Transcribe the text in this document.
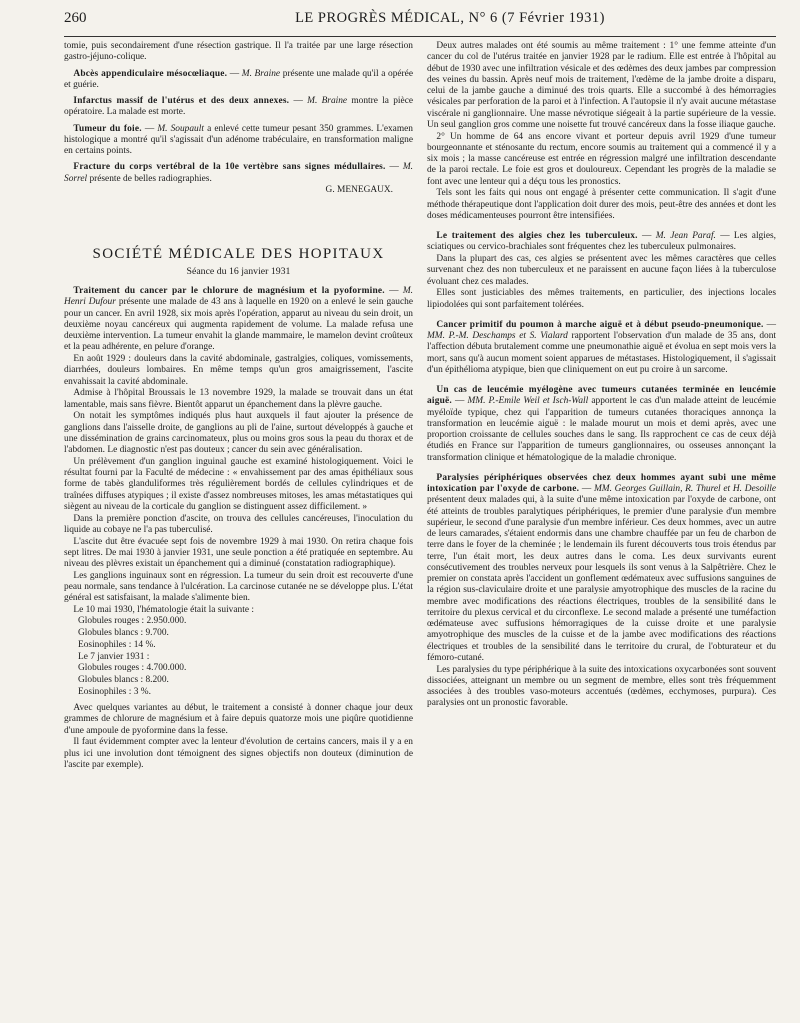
260	LE PROGRÈS MÉDICAL, N° 6 (7 Février 1931)

tomie, puis secondairement d'une résection gastrique. Il l'a traitée par une large résection gastro-jéjuno-colique.

Abcès appendiculaire mésocœliaque. — M. Braine présente une malade qu'il a opérée et guérie.

Infarctus massif de l'utérus et des deux annexes. — M. Braine montre la pièce opératoire. La malade est morte.

Tumeur du foie. — M. Soupault a enlevé cette tumeur pesant 350 grammes. L'examen histologique a montré qu'il s'agissait d'un adénome trabéculaire, en transformation maligne en certains points.

Fracture du corps vertébral de la 10e vertèbre sans signes médullaires. — M. Sorrel présente de belles radiographies.

G. MENEGAUX.

SOCIÉTÉ MÉDICALE DES HOPITAUX

Séance du 16 janvier 1931

Traitement du cancer par le chlorure de magnésium et la pyoformine. — M. Henri Dufour présente une malade de 43 ans à laquelle en 1920 on a enlevé le sein gauche pour un cancer. En avril 1928, six mois après l'opération, apparut au niveau du sein droit, un deuxième noyau cancéreux qui augmenta rapidement de volume. La malade refusa une deuxième intervention. La tumeur envahit la glande mammaire, le mamelon devint croûteux et la peau adhérente, en pelure d'orange.

En août 1929 : douleurs dans la cavité abdominale, gastralgies, coliques, vomissements, diarrhées, douleurs lombaires. En même temps qu'un gros amaigrissement, l'ascite envahissait la cavité abdominale.

Admise à l'hôpital Broussais le 13 novembre 1929, la malade se trouvait dans un état lamentable, mais sans fièvre. Bientôt apparut un épanchement dans la plèvre gauche.

On notait les symptômes indiqués plus haut auxquels il faut ajouter la présence de ganglions dans l'aisselle droite, de ganglions au pli de l'aine, surtout développés à gauche et une dissémination de grains carcinomateux, plus ou moins gros sous la peau du thorax et de l'abdomen. Le diagnostic n'est pas douteux ; cancer du sein avec généralisation.

Un prélèvement d'un ganglion inguinal gauche est examiné histologiquement. Voici le résultat fourni par la Faculté de médecine : « envahissement par des amas épithéliaux sous forme de tabès glanduliformes très régulièrement bordés de cellules cylindriques et de traînées diffuses atypiques ; il existe d'assez nombreuses mitoses, les amas métastatiques qui siègent au niveau de la corticale du ganglion se distinguent assez difficilement. »

Dans la première ponction d'ascite, on trouva des cellules cancéreuses, l'inoculation du liquide au cobaye ne l'a pas tuberculisé.

L'ascite dut être évacuée sept fois de novembre 1929 à mai 1930. On retira chaque fois sept litres. De mai 1930 à janvier 1931, une seule ponction a été pratiquée en septembre. Au niveau des plèvres existait un épanchement qui a diminué (constatation radiographique).

Les ganglions inguinaux sont en régression. La tumeur du sein droit est recouverte d'une peau normale, sans tendance à l'ulcération. La carcinose cutanée ne se développe plus. L'état général est satisfaisant, la malade s'alimente bien.

Le 10 mai 1930, l'hématologie était la suivante :

Globules rouges : 2.950.000.

Globules blancs : 9.700.

Eosinophiles : 14 %.

Le 7 janvier 1931 :

Globules rouges : 4.700.000.

Globules blancs : 8.200.

Eosinophiles : 3 %.

Avec quelques variantes au début, le traitement a consisté à donner chaque jour deux grammes de chlorure de magnésium et à faire depuis quatorze mois une piqûre quotidienne d'une ampoule de pyoformine dans la fesse.

Il faut évidemment compter avec la lenteur d'évolution de certains cancers, mais il y a en plus ici une involution dont témoignent des signes objectifs non douteux (diminution de l'ascite par exemple).

Deux autres malades ont été soumis au même traitement : 1° une femme atteinte d'un cancer du col de l'utérus traitée en janvier 1928 par le radium. Elle est entrée à l'hôpital au début de 1930 avec une infiltration vésicale et des œdèmes des deux jambes par compression des veines du bassin. Après neuf mois de traitement, l'œdème de la jambe droite a disparu, celui de la jambe gauche a diminué des trois quarts. Elle a succombé à des hémorragies vésicales par perforation de la paroi et à l'infection. A l'autopsie il n'y avait aucune métastase viscérale ni ganglionnaire. Une masse névrotique siégeait à la partie supérieure de la vessie. Un seul ganglion gros comme une noisette fut trouvé cancéreux dans la fosse iliaque gauche.

2° Un homme de 64 ans encore vivant et porteur depuis avril 1929 d'une tumeur bourgeonnante et sténosante du rectum, encore soumis au traitement qui a commencé il y a six mois ; la masse cancéreuse est entrée en régression malgré une infiltration descendante de la paroi rectale. Le foie est gros et douloureux. Cependant les progrès de la maladie se font avec une lenteur qui a déçu tous les pronostics.

Tels sont les faits qui nous ont engagé à présenter cette communication. Il s'agit d'une méthode thérapeutique dont l'application doit durer des mois, peut-être des années et dont les doses médicamenteuses pourront être intensifiées.

Le traitement des algies chez les tuberculeux. — M. Jean Paraf. — Les algies, sciatiques ou cervico-brachiales sont fréquentes chez les tuberculeux pulmonaires.

Dans la plupart des cas, ces algies se présentent avec les mêmes caractères que celles survenant chez des non tuberculeux et ne paraissent en aucune façon liées à la tuberculose évoluant chez ces malades.

Elles sont justiciables des mêmes traitements, en particulier, des injections locales lipiodolées qui sont parfaitement tolérées.

Cancer primitif du poumon à marche aiguë et à début pseudo-pneumonique. — MM. P.-M. Deschamps et S. Vialard rapportent l'observation d'un malade de 35 ans, dont l'affection débuta brutalement comme une pneumonathie aiguë et évolua en sept mois vers la mort, sans qu'à aucun moment soient apparues de métastases. Histologiquement, il s'agissait d'un épithélioma atypique, bien que cliniquement on eut pu croire à un sarcome.

Un cas de leucémie myélogène avec tumeurs cutanées terminée en leucémie aiguë. — MM. P.-Emile Weil et Isch-Wall apportent le cas d'un malade atteint de leucémie myéloïde typique, chez qui l'apparition de tumeurs cutanées thoraciques annonça la transformation en leucémie aiguë : le malade mourut un mois et demi après, avec une proportion croissante de cellules souches dans le sang. Ils rapprochent ce cas de ceux déjà étudiés en France sur l'apparition de tumeurs ganglionnaires, ou osseuses annonçant la transformation clinique et hématologique de la maladie chronique.

Paralysies périphériques observées chez deux hommes ayant subi une même intoxication par l'oxyde de carbone. — MM. Georges Guillain, R. Thurel et H. Desoille présentent deux malades qui, à la suite d'une même intoxication par l'oxyde de carbone, ont été atteints de troubles paralytiques périphériques, le premier d'une paralysie d'un membre supérieur, le second d'une paralysie d'un membre inférieur. Ces deux hommes, avec un autre de leurs camarades, s'étaient endormis dans une chambre chauffée par un feu de charbon de terre dans le foyer de la cheminée ; le lendemain ils furent découverts tous trois étendus par terre, l'un était mort, les deux autres dans le coma. Les deux survivants eurent consécutivement des troubles nerveux pour lesquels ils sont venus à la Salpêtrière. Chez le premier on constata après l'accident un gonflement œdémateux avec suffusions sanguines de la région sus-claviculaire droite et une paralysie amyotrophique des muscles de la racine du membre avec modifications des réactions électriques, troubles de la sensibilité dans le territoire du plexus cervical et du circonflexe. Le second malade a présenté une tuméfaction œdémateuse avec suffusions hémorragiques de la cuisse droite et une paralysie amyotrophique des muscles de la cuisse et de la jambe avec modifications des réactions électriques et troubles de la sensibilité dans le territoire du crural, de l'obturateur et du fémoro-cutané.

Les paralysies du type périphérique à la suite des intoxications oxycarbonées sont souvent dissociées, atteignant un membre ou un segment de membre, elles sont très fréquemment associées à des troubles vaso-moteurs accentués (œdèmes, ecchymoses, purpura). Ces paralysies ont un pronostic favorable.
